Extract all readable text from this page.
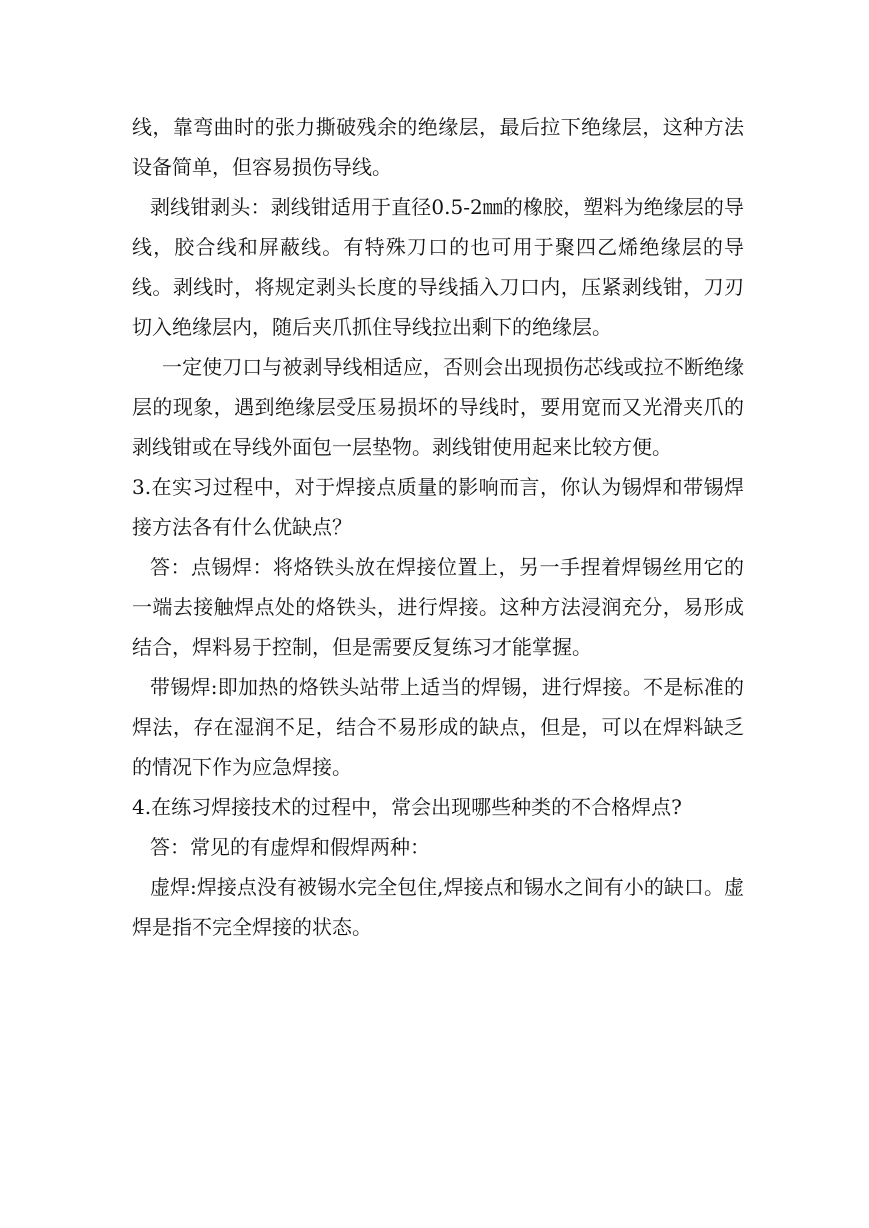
线，靠弯曲时的张力撕破残余的绝缘层，最后拉下绝缘层，这种方法设备简单，但容易损伤导线。

剥线钳剥头：剥线钳适用于直径0.5-2㎜的橡胶，塑料为绝缘层的导线，胶合线和屏蔽线。有特殊刀口的也可用于聚四乙烯绝缘层的导线。剥线时，将规定剥头长度的导线插入刀口内，压紧剥线钳，刀刃切入绝缘层内，随后夹爪抓住导线拉出剩下的绝缘层。

一定使刀口与被剥导线相适应，否则会出现损伤芯线或拉不断绝缘层的现象，遇到绝缘层受压易损坏的导线时，要用宽而又光滑夹爪的剥线钳或在导线外面包一层垫物。剥线钳使用起来比较方便。

3.在实习过程中，对于焊接点质量的影响而言，你认为锡焊和带锡焊接方法各有什么优缺点？

答：点锡焊：将烙铁头放在焊接位置上，另一手捏着焊锡丝用它的一端去接触焊点处的烙铁头，进行焊接。这种方法浸润充分，易形成结合，焊料易于控制，但是需要反复练习才能掌握。

带锡焊:即加热的烙铁头站带上适当的焊锡，进行焊接。不是标准的焊法，存在湿润不足，结合不易形成的缺点，但是，可以在焊料缺乏的情况下作为应急焊接。

4.在练习焊接技术的过程中，常会出现哪些种类的不合格焊点?

答：常见的有虚焊和假焊两种：

虚焊:焊接点没有被锡水完全包住,焊接点和锡水之间有小的缺口。虚焊是指不完全焊接的状态。
